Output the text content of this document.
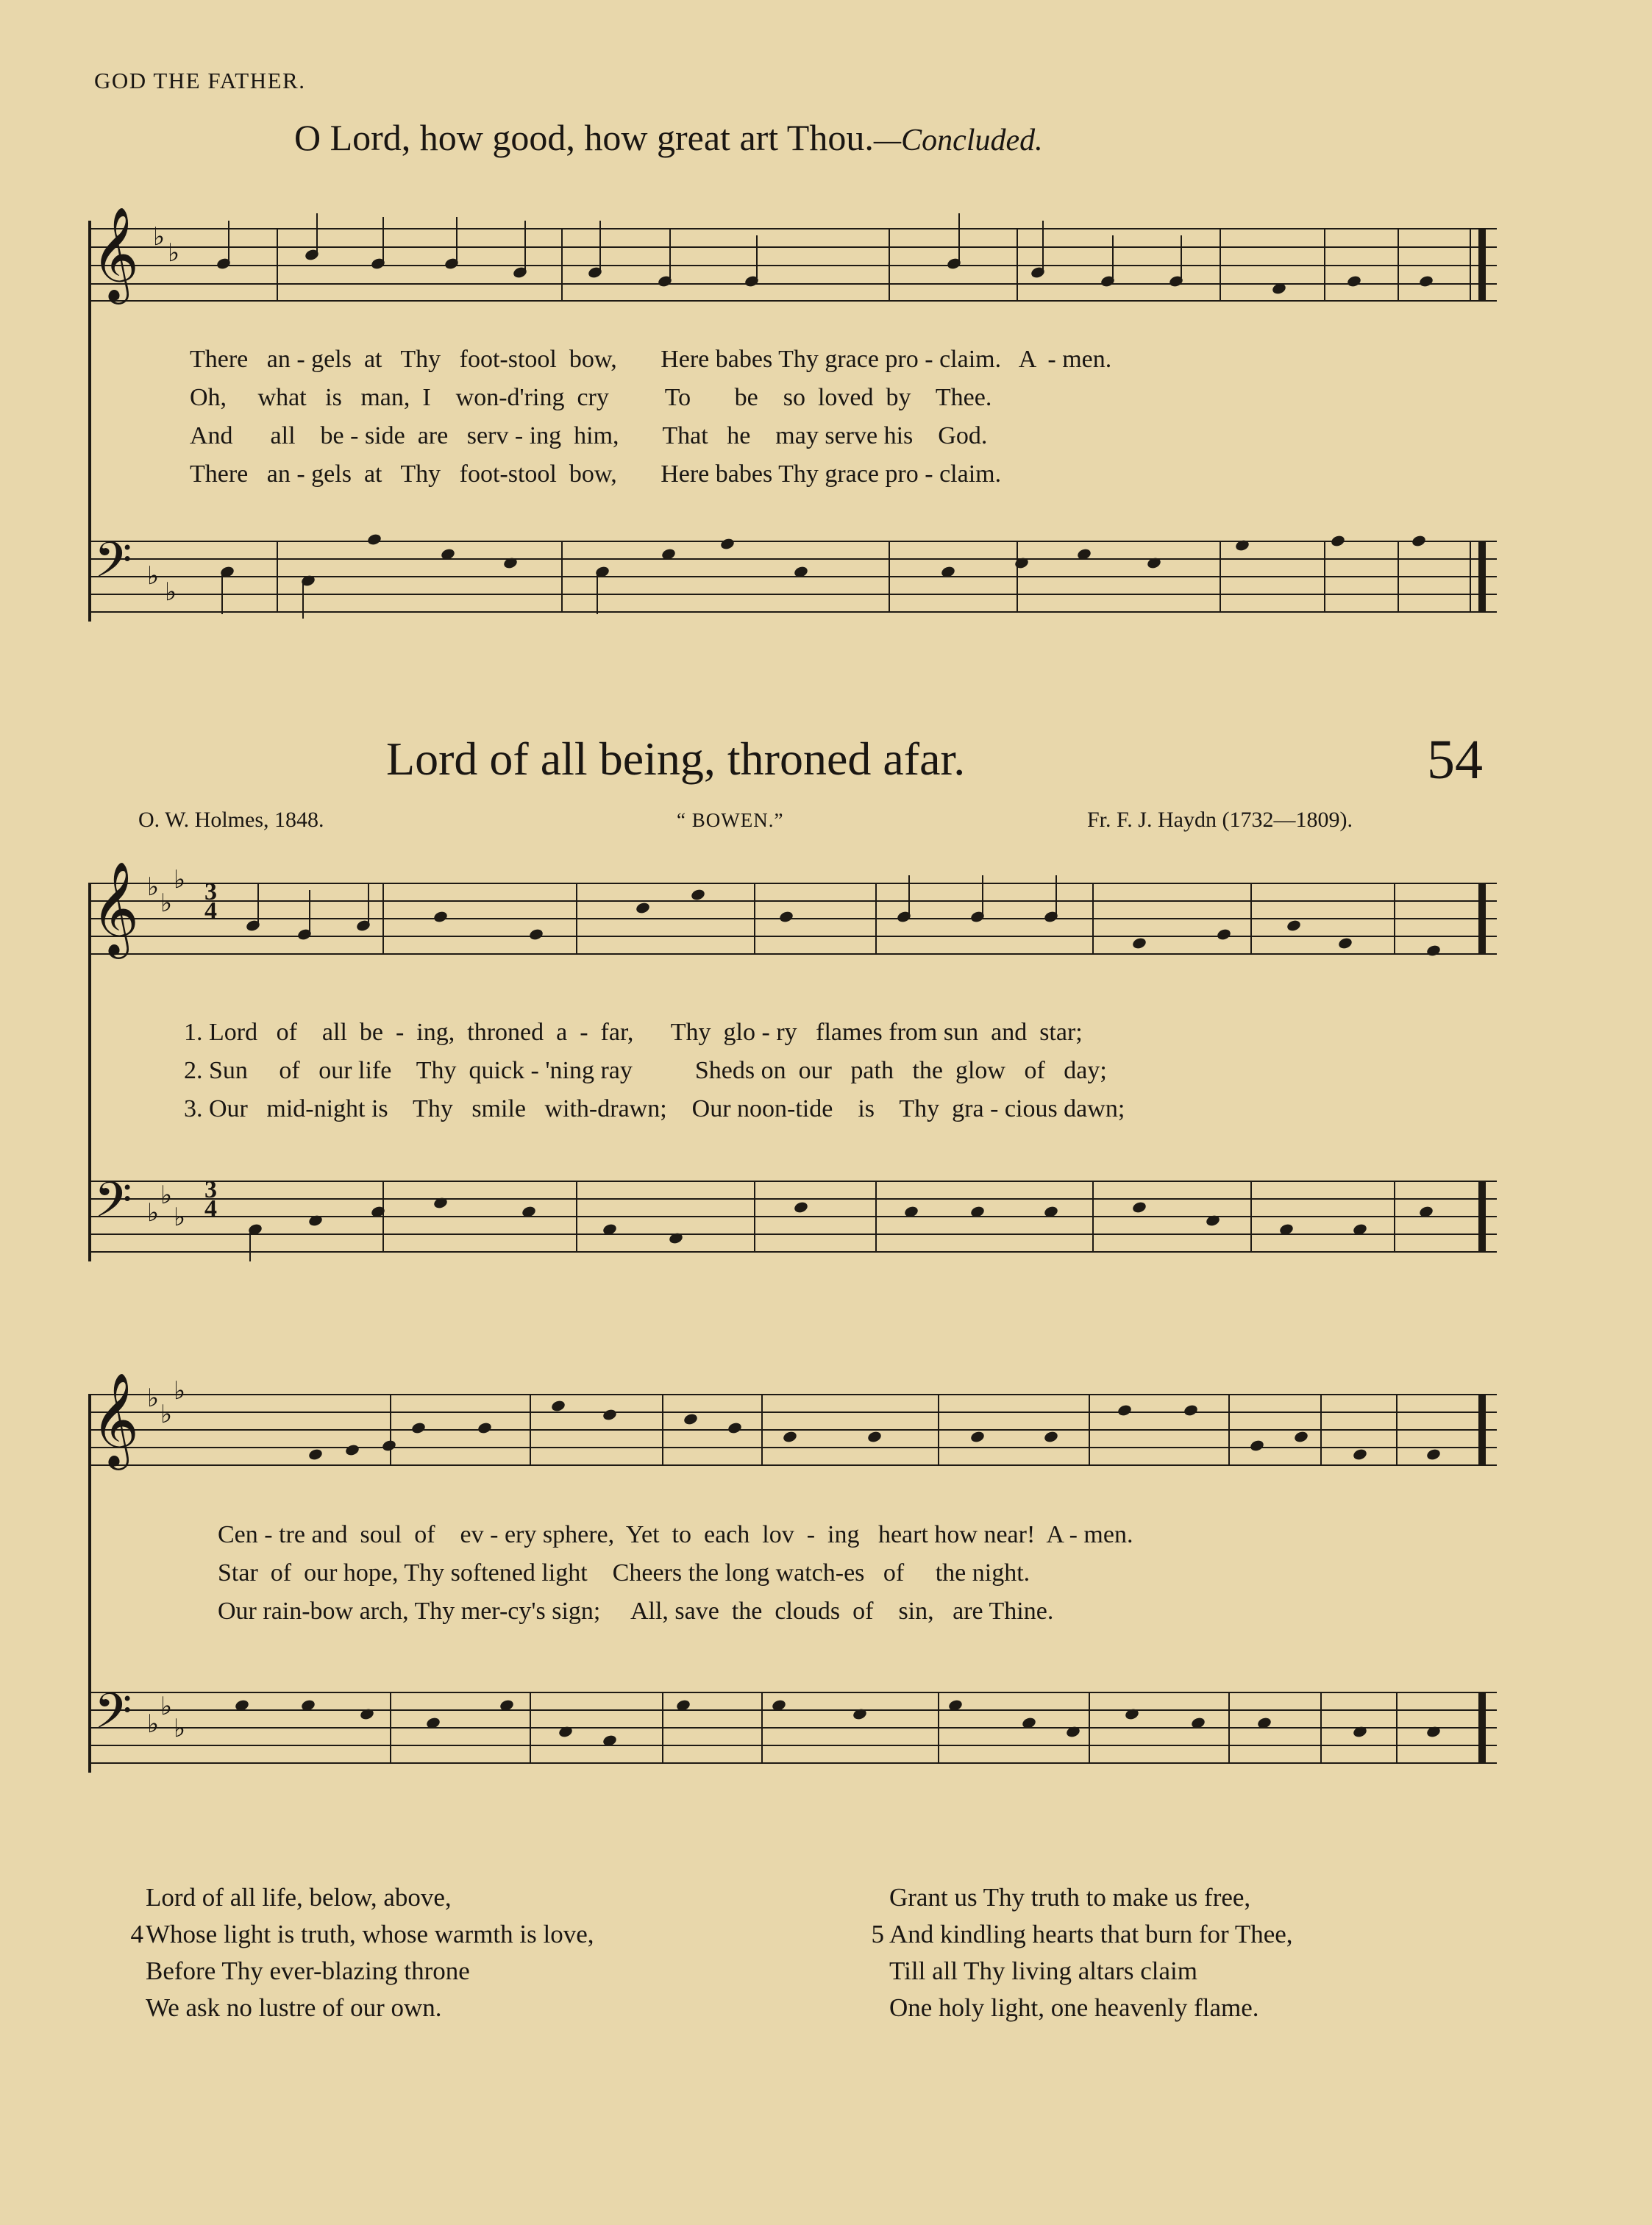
GOD THE FATHER.
O Lord, how good, how great art Thou.—Concluded.
𝄞 ♭
♭
There   an - gels  at   Thy   foot-stool  bow,       Here babes Thy grace pro - claim.   A  - men.
Oh,     what   is   man,  I    won-d'ring  cry         To       be    so  loved  by    Thee.
And      all    be - side  are   serv - ing  him,       That   he    may serve his    God.
There   an - gels  at   Thy   foot-stool  bow,       Here babes Thy grace pro - claim.
𝄢 ♭
♭
Lord of all being, throned afar.	54
O. W. Holmes, 1848.	“ BOWEN.”	Fr. F. J. Haydn (1732—1809).
𝄞 ♭
♭
♭ 3
4
1. Lord   of    all  be  -  ing,  throned  a  -  far,      Thy  glo - ry   flames from sun  and  star;
2. Sun     of   our life    Thy  quick - 'ning ray          Sheds on  our   path   the  glow   of   day;
3. Our   mid-night is    Thy   smile   with-drawn;    Our noon-tide    is    Thy  gra - cious dawn;
𝄢 ♭
♭
♭
3
4
𝄞 ♭
♭
♭
Cen - tre and  soul  of    ev - ery sphere,  Yet  to  each  lov  -  ing   heart how near!  A - men.
Star  of  our hope, Thy softened light    Cheers the long watch-es   of     the night.
Our rain-bow arch, Thy mer-cy's sign;     All, save  the  clouds  of    sin,   are Thine.
𝄢 ♭
♭
♭

4

Lord of all life, below, above,

Whose light is truth, whose warmth is love,

Before Thy ever-blazing throne

We ask no lustre of our own.

5

Grant us Thy truth to make us free,

And kindling hearts that burn for Thee,

Till all Thy living altars claim

One holy light, one heavenly flame.
